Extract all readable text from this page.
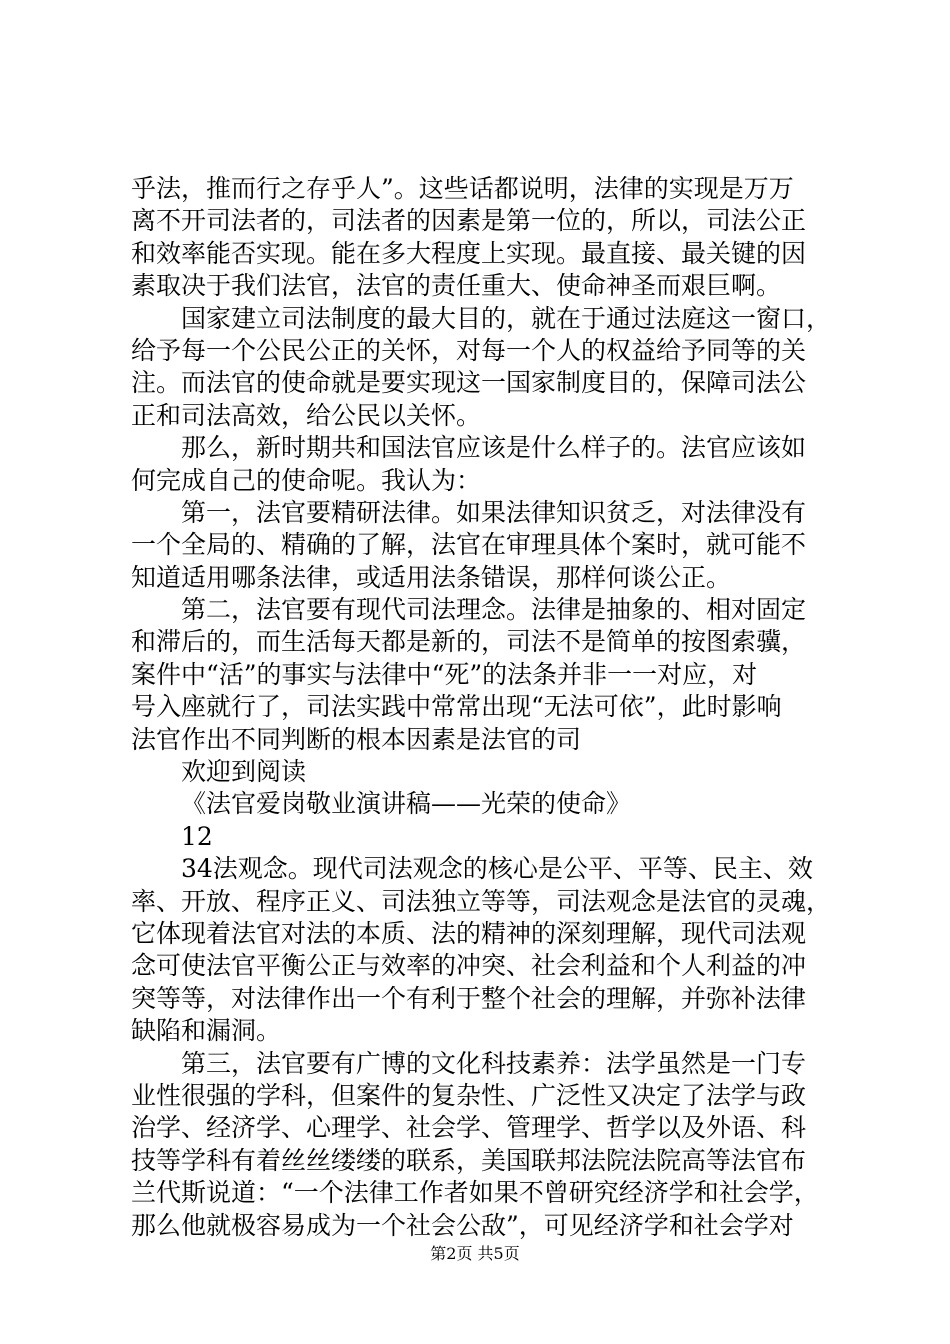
乎法，推而行之存乎人”。这些话都说明，法律的实现是万万
离不开司法者的，司法者的因素是第一位的，所以，司法公正
和效率能否实现。能在多大程度上实现。最直接、最关键的因
素取决于我们法官，法官的责任重大、使命神圣而艰巨啊。
国家建立司法制度的最大目的，就在于通过法庭这一窗口，
给予每一个公民公正的关怀，对每一个人的权益给予同等的关
注。而法官的使命就是要实现这一国家制度目的，保障司法公
正和司法高效，给公民以关怀。
那么，新时期共和国法官应该是什么样子的。法官应该如
何完成自己的使命呢。我认为：
第一，法官要精研法律。如果法律知识贫乏，对法律没有
一个全局的、精确的了解，法官在审理具体个案时，就可能不
知道适用哪条法律，或适用法条错误，那样何谈公正。
第二，法官要有现代司法理念。法律是抽象的、相对固定
和滞后的，而生活每天都是新的，司法不是简单的按图索骥，
案件中“活”的事实与法律中“死”的法条并非一一对应，对
号入座就行了，司法实践中常常出现“无法可依”，此时影响
法官作出不同判断的根本因素是法官的司
欢迎到阅读
《法官爱岗敬业演讲稿——光荣的使命》
12
34法观念。现代司法观念的核心是公平、平等、民主、效
率、开放、程序正义、司法独立等等，司法观念是法官的灵魂，
它体现着法官对法的本质、法的精神的深刻理解，现代司法观
念可使法官平衡公正与效率的冲突、社会利益和个人利益的冲
突等等，对法律作出一个有利于整个社会的理解，并弥补法律
缺陷和漏洞。
第三，法官要有广博的文化科技素养：法学虽然是一门专
业性很强的学科，但案件的复杂性、广泛性又决定了法学与政
治学、经济学、心理学、社会学、管理学、哲学以及外语、科
技等学科有着丝丝缕缕的联系，美国联邦法院法院高等法官布
兰代斯说道：“一个法律工作者如果不曾研究经济学和社会学，
那么他就极容易成为一个社会公敌”，可见经济学和社会学对
第2页 共5页
